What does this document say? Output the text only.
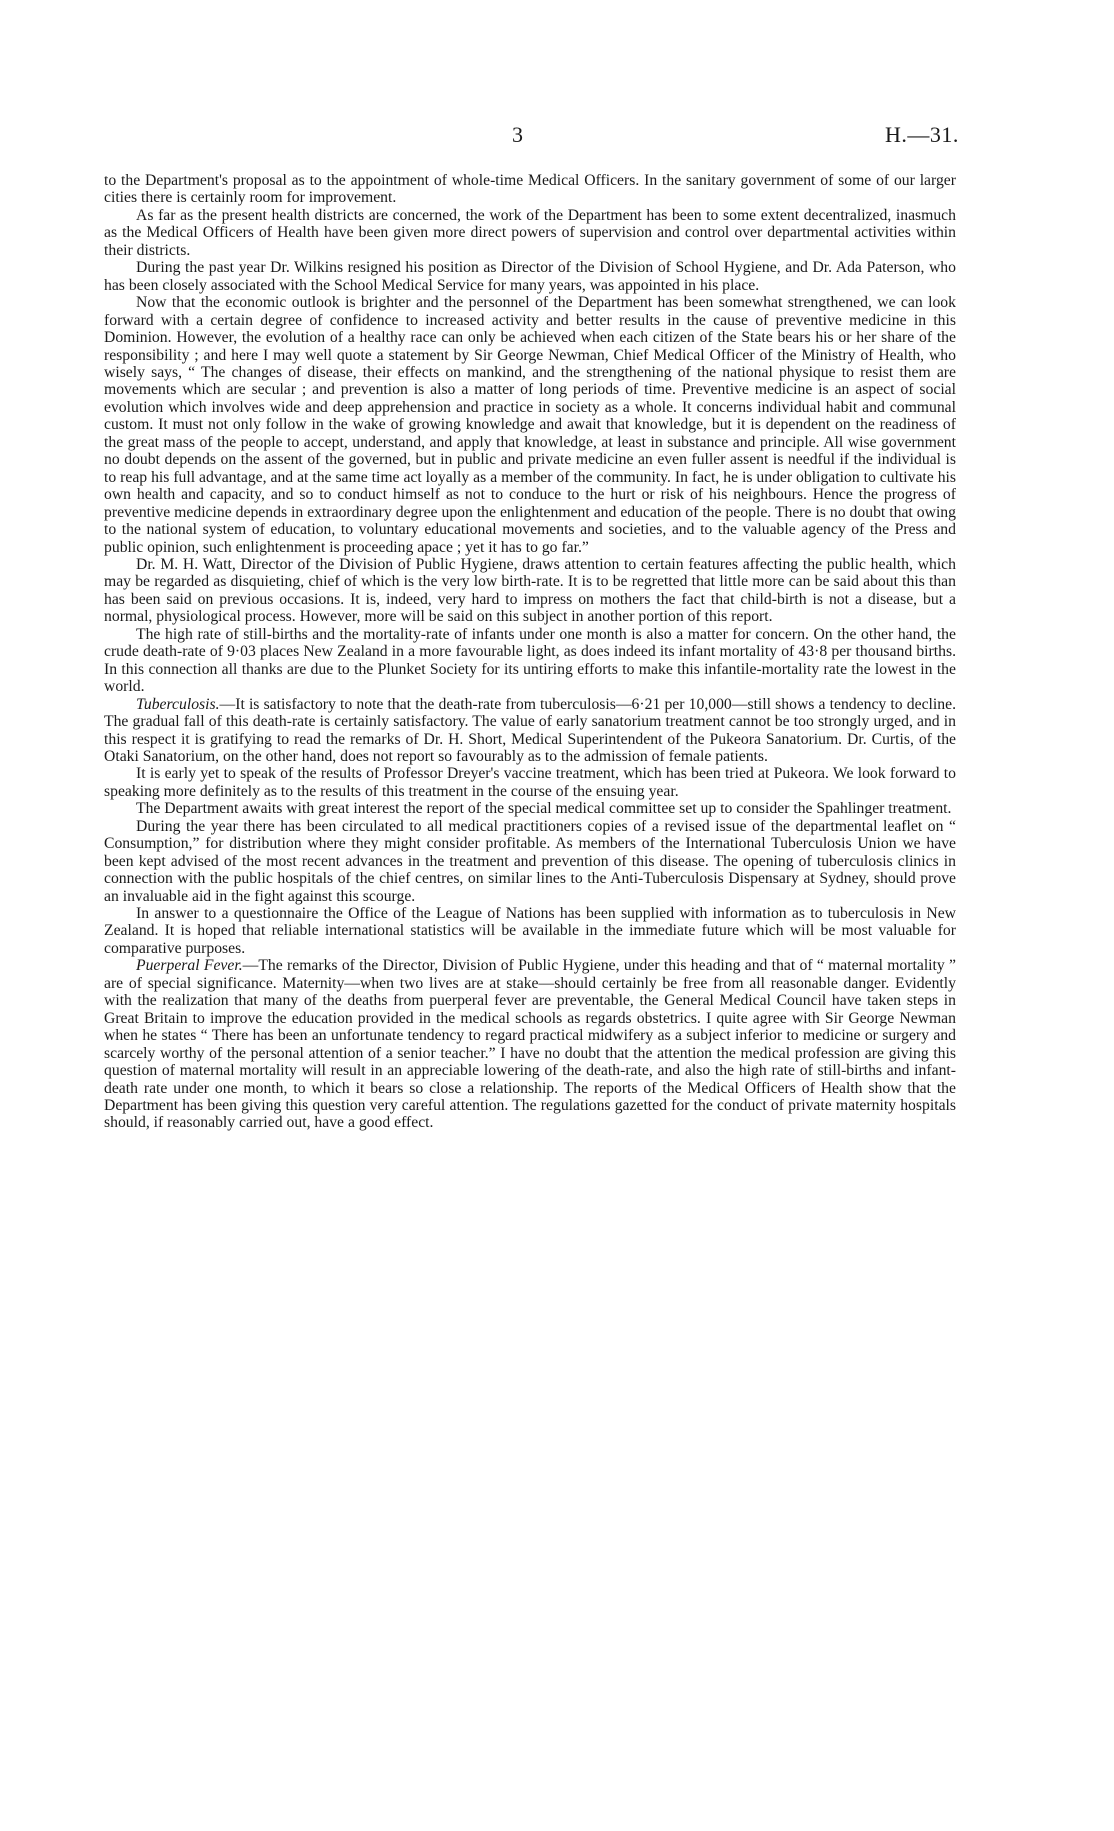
3	H.—31.

to the Department's proposal as to the appointment of whole-time Medical Officers. In the sanitary government of some of our larger cities there is certainly room for improvement.

As far as the present health districts are concerned, the work of the Department has been to some extent decentralized, inasmuch as the Medical Officers of Health have been given more direct powers of supervision and control over departmental activities within their districts.

During the past year Dr. Wilkins resigned his position as Director of the Division of School Hygiene, and Dr. Ada Paterson, who has been closely associated with the School Medical Service for many years, was appointed in his place.

Now that the economic outlook is brighter and the personnel of the Department has been somewhat strengthened, we can look forward with a certain degree of confidence to increased activity and better results in the cause of preventive medicine in this Dominion. However, the evolution of a healthy race can only be achieved when each citizen of the State bears his or her share of the responsibility ; and here I may well quote a statement by Sir George Newman, Chief Medical Officer of the Ministry of Health, who wisely says, “ The changes of disease, their effects on mankind, and the strengthening of the national physique to resist them are movements which are secular ; and prevention is also a matter of long periods of time. Preventive medicine is an aspect of social evolution which involves wide and deep apprehension and practice in society as a whole. It concerns individual habit and communal custom. It must not only follow in the wake of growing knowledge and await that knowledge, but it is dependent on the readiness of the great mass of the people to accept, understand, and apply that knowledge, at least in substance and principle. All wise government no doubt depends on the assent of the governed, but in public and private medicine an even fuller assent is needful if the individual is to reap his full advantage, and at the same time act loyally as a member of the community. In fact, he is under obligation to cultivate his own health and capacity, and so to conduct himself as not to conduce to the hurt or risk of his neighbours. Hence the progress of preventive medicine depends in extraordinary degree upon the enlightenment and education of the people. There is no doubt that owing to the national system of education, to voluntary educational movements and societies, and to the valuable agency of the Press and public opinion, such enlightenment is proceeding apace ; yet it has to go far.”

Dr. M. H. Watt, Director of the Division of Public Hygiene, draws attention to certain features affecting the public health, which may be regarded as disquieting, chief of which is the very low birth-rate. It is to be regretted that little more can be said about this than has been said on previous occasions. It is, indeed, very hard to impress on mothers the fact that child-birth is not a disease, but a normal, physiological process. However, more will be said on this subject in another portion of this report.

The high rate of still-births and the mortality-rate of infants under one month is also a matter for concern. On the other hand, the crude death-rate of 9·03 places New Zealand in a more favourable light, as does indeed its infant mortality of 43·8 per thousand births. In this connection all thanks are due to the Plunket Society for its untiring efforts to make this infantile-mortality rate the lowest in the world.

Tuberculosis.—It is satisfactory to note that the death-rate from tuberculosis—6·21 per 10,000—still shows a tendency to decline. The gradual fall of this death-rate is certainly satisfactory. The value of early sanatorium treatment cannot be too strongly urged, and in this respect it is gratifying to read the remarks of Dr. H. Short, Medical Superintendent of the Pukeora Sanatorium. Dr. Curtis, of the Otaki Sanatorium, on the other hand, does not report so favourably as to the admission of female patients.

It is early yet to speak of the results of Professor Dreyer's vaccine treatment, which has been tried at Pukeora. We look forward to speaking more definitely as to the results of this treatment in the course of the ensuing year.

The Department awaits with great interest the report of the special medical committee set up to consider the Spahlinger treatment.

During the year there has been circulated to all medical practitioners copies of a revised issue of the departmental leaflet on “ Consumption,” for distribution where they might consider profitable. As members of the International Tuberculosis Union we have been kept advised of the most recent advances in the treatment and prevention of this disease. The opening of tuberculosis clinics in connection with the public hospitals of the chief centres, on similar lines to the Anti-Tuberculosis Dispensary at Sydney, should prove an invaluable aid in the fight against this scourge.

In answer to a questionnaire the Office of the League of Nations has been supplied with information as to tuberculosis in New Zealand. It is hoped that reliable international statistics will be available in the immediate future which will be most valuable for comparative purposes.

Puerperal Fever.—The remarks of the Director, Division of Public Hygiene, under this heading and that of “ maternal mortality ” are of special significance. Maternity—when two lives are at stake—should certainly be free from all reasonable danger. Evidently with the realization that many of the deaths from puerperal fever are preventable, the General Medical Council have taken steps in Great Britain to improve the education provided in the medical schools as regards obstetrics. I quite agree with Sir George Newman when he states “ There has been an unfortunate tendency to regard practical midwifery as a subject inferior to medicine or surgery and scarcely worthy of the personal attention of a senior teacher.” I have no doubt that the attention the medical profession are giving this question of maternal mortality will result in an appreciable lowering of the death-rate, and also the high rate of still-births and infant-death rate under one month, to which it bears so close a relationship. The reports of the Medical Officers of Health show that the Department has been giving this question very careful attention. The regulations gazetted for the conduct of private maternity hospitals should, if reasonably carried out, have a good effect.
